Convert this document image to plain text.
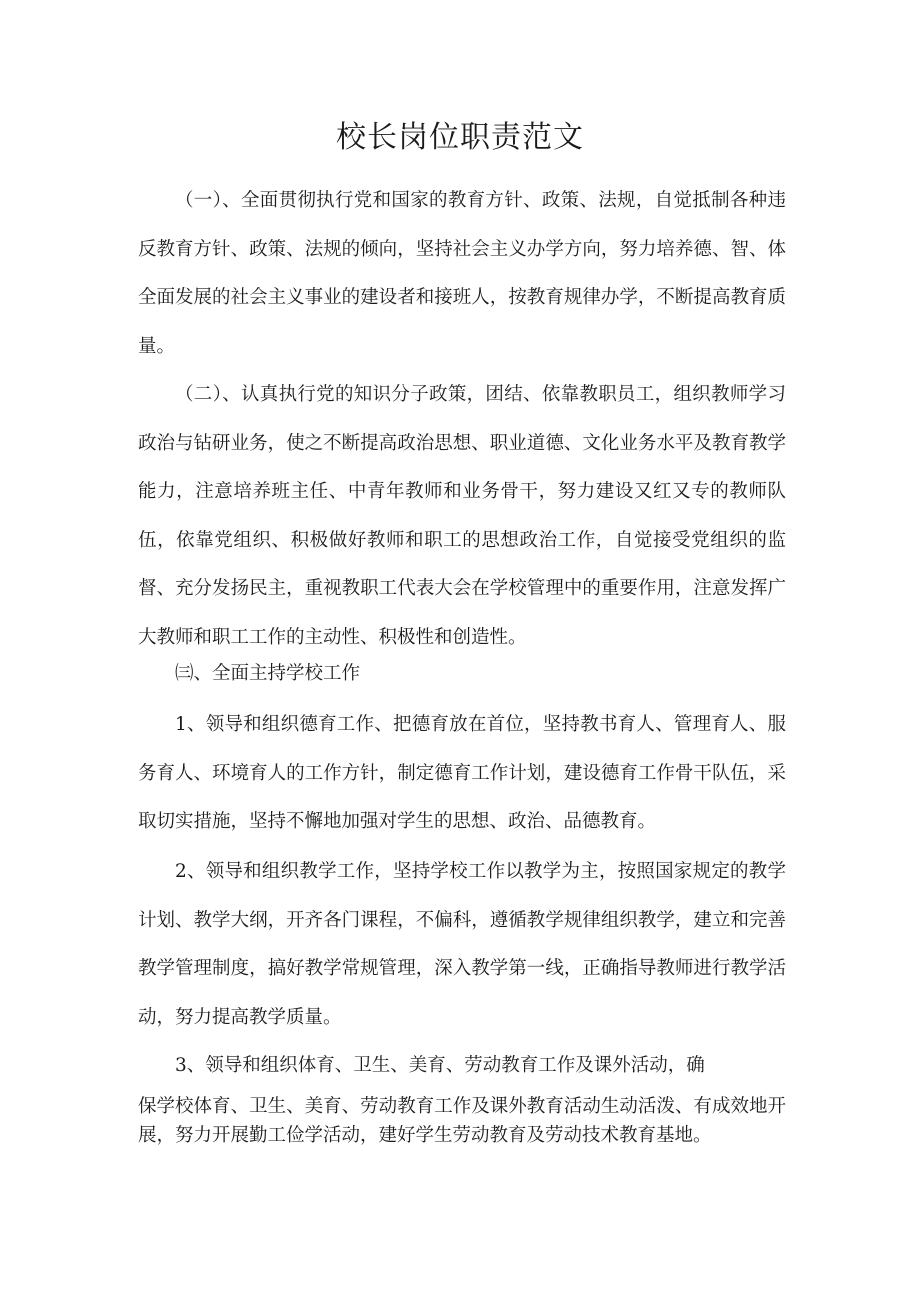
校长岗位职责范文

（一）、全面贯彻执行党和国家的教育方针、政策、法规，自觉抵制各种违反教育方针、政策、法规的倾向，坚持社会主义办学方向，努力培养德、智、体全面发展的社会主义事业的建设者和接班人，按教育规律办学，不断提高教育质量。

（二）、认真执行党的知识分子政策，团结、依靠教职员工，组织教师学习政治与钻研业务，使之不断提高政治思想、职业道德、文化业务水平及教育教学能力，注意培养班主任、中青年教师和业务骨干，努力建设又红又专的教师队伍，依靠党组织、积极做好教师和职工的思想政治工作，自觉接受党组织的监督、充分发扬民主，重视教职工代表大会在学校管理中的重要作用，注意发挥广大教师和职工工作的主动性、积极性和创造性。

㈢、全面主持学校工作

1、领导和组织德育工作、把德育放在首位，坚持教书育人、管理育人、服务育人、环境育人的工作方针，制定德育工作计划，建设德育工作骨干队伍，采取切实措施，坚持不懈地加强对学生的思想、政治、品德教育。

2、领导和组织教学工作，坚持学校工作以教学为主，按照国家规定的教学计划、教学大纲，开齐各门课程，不偏科，遵循教学规律组织教学，建立和完善教学管理制度，搞好教学常规管理，深入教学第一线，正确指导教师进行教学活动，努力提高教学质量。

3、领导和组织体育、卫生、美育、劳动教育工作及课外活动，确

保学校体育、卫生、美育、劳动教育工作及课外教育活动生动活泼、有成效地开展，努力开展勤工俭学活动，建好学生劳动教育及劳动技术教育基地。
